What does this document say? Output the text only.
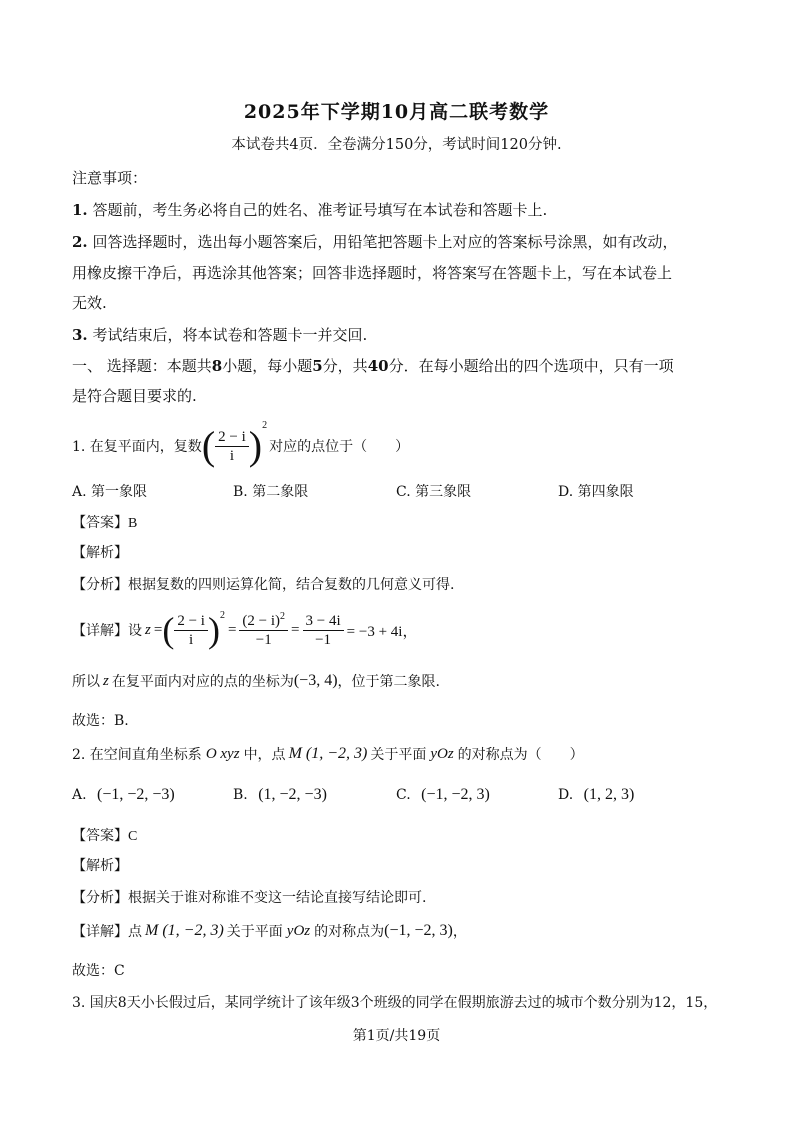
2025年下学期10月高二联考数学
本试卷共4页．全卷满分150分，考试时间120分钟.
注意事项：
1. 答题前，考生务必将自己的姓名、准考证号填写在本试卷和答题卡上.
2. 回答选择题时，选出每小题答案后，用铅笔把答题卡上对应的答案标号涂黑，如有改动，
用橡皮擦干净后，再选涂其他答案；回答非选择题时，将答案写在答题卡上，写在本试卷上
无效.
3. 考试结束后，将本试卷和答题卡一并交回.
一、 选择题：本题共8小题，每小题5分，共40分．在每小题给出的四个选项中，只有一项
是符合题目要求的.
1. 在复平面内，复数 ( $\frac{2 - i}{i}$ ) 2
对应的点位于（　　）
A. 第一象限	B. 第二象限	C. 第三象限	D. 第四象限
【答案】B
【解析】
【分析】根据复数的四则运算化简，结合复数的几何意义可得.
【详解】 设 z = ( $\frac{2 - i}{i}$ ) 2
= $\frac{(2 - i)^2}{-1} = \frac{3 - 4i}{-1} = -3 + 4i$，
所以 z 在复平面内对应的点的坐标为 (−3, 4) ，位于第二象限.
故选：B.
2. 在空间直角坐标系 O xyz 中，点 M (1, −2, 3) 关于平面 yOz 的对称点为（　　）
A. (−1, −2, −3)	B. (1, −2, −3)	C. (−1, −2, 3)	D. (1, 2, 3)
【答案】C
【解析】
【分析】根据关于谁对称谁不变这一结论直接写结论即可.
【详解】 点 M (1, −2, 3) 关于平面 yOz 的对称点为 (−1, −2, 3) ，
故选：C
3. 国庆8天小长假过后，某同学统计了该年级3个班级的同学在假期旅游去过的城市个数分别为12，15，
第1页/共19页
